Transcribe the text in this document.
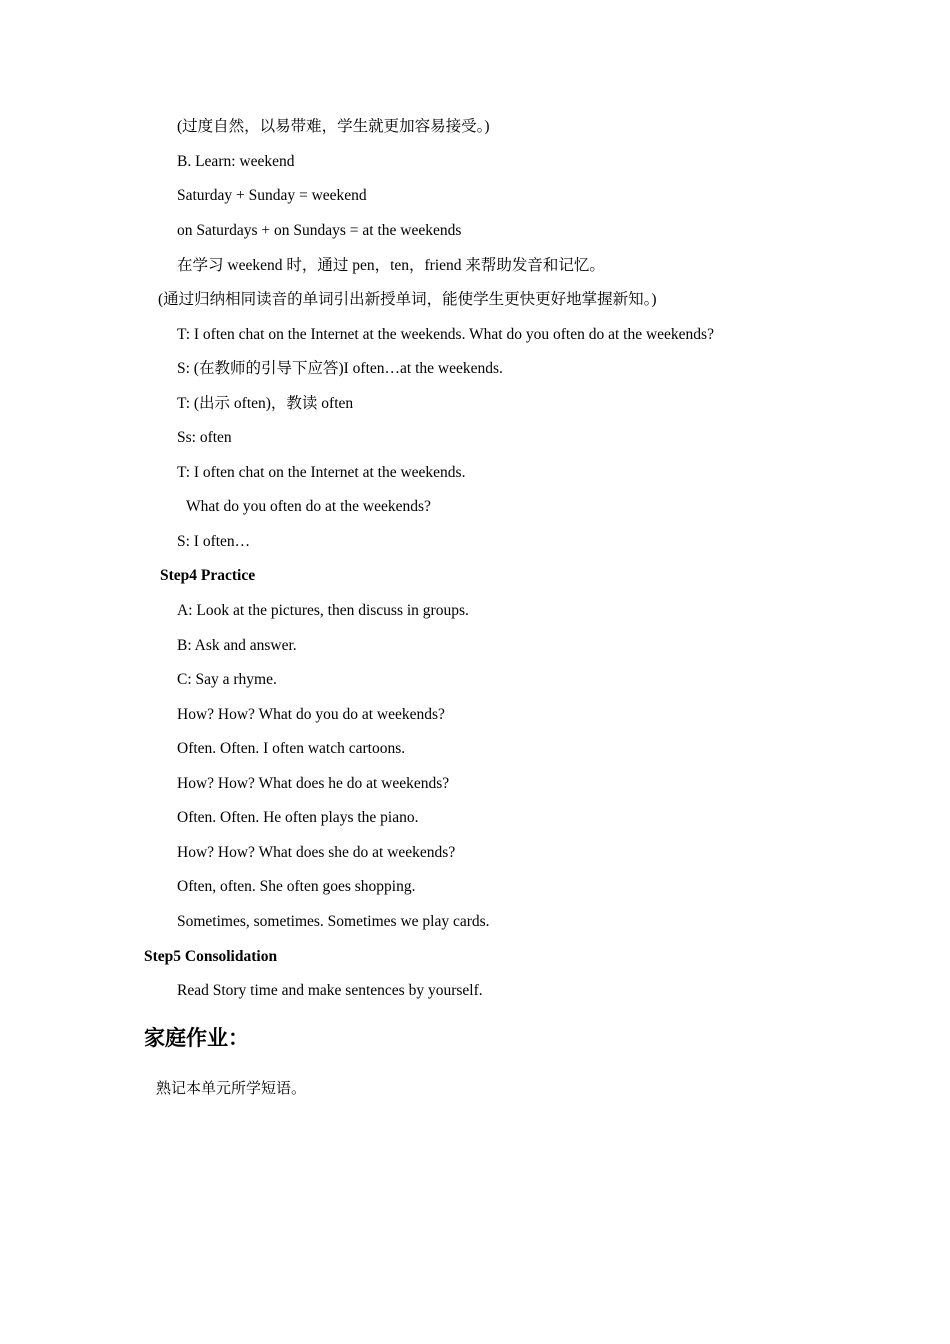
(过度自然，以易带难，学生就更加容易接受。)
B. Learn: weekend
Saturday + Sunday = weekend
on Saturdays + on Sundays = at the weekends
在学习 weekend 时，通过 pen，ten，friend 来帮助发音和记忆。
(通过归纳相同读音的单词引出新授单词，能使学生更快更好地掌握新知。)
T: I often chat on the Internet at the weekends. What do you often do at the weekends?
S: (在教师的引导下应答)I often…at the weekends.
T: (出示 often)，教读 often
Ss: often
T: I often chat on the Internet at the weekends.
What do you often do at the weekends?
S: I often…
Step4 Practice
A: Look at the pictures, then discuss in groups.
B: Ask and answer.
C: Say a rhyme.
How? How? What do you do at weekends?
Often. Often. I often watch cartoons.
How? How? What does he do at weekends?
Often. Often. He often plays the piano.
How? How? What does she do at weekends?
Often, often. She often goes shopping.
Sometimes, sometimes. Sometimes we play cards.
Step5 Consolidation
Read Story time and make sentences by yourself.
家庭作业：
熟记本单元所学短语。
